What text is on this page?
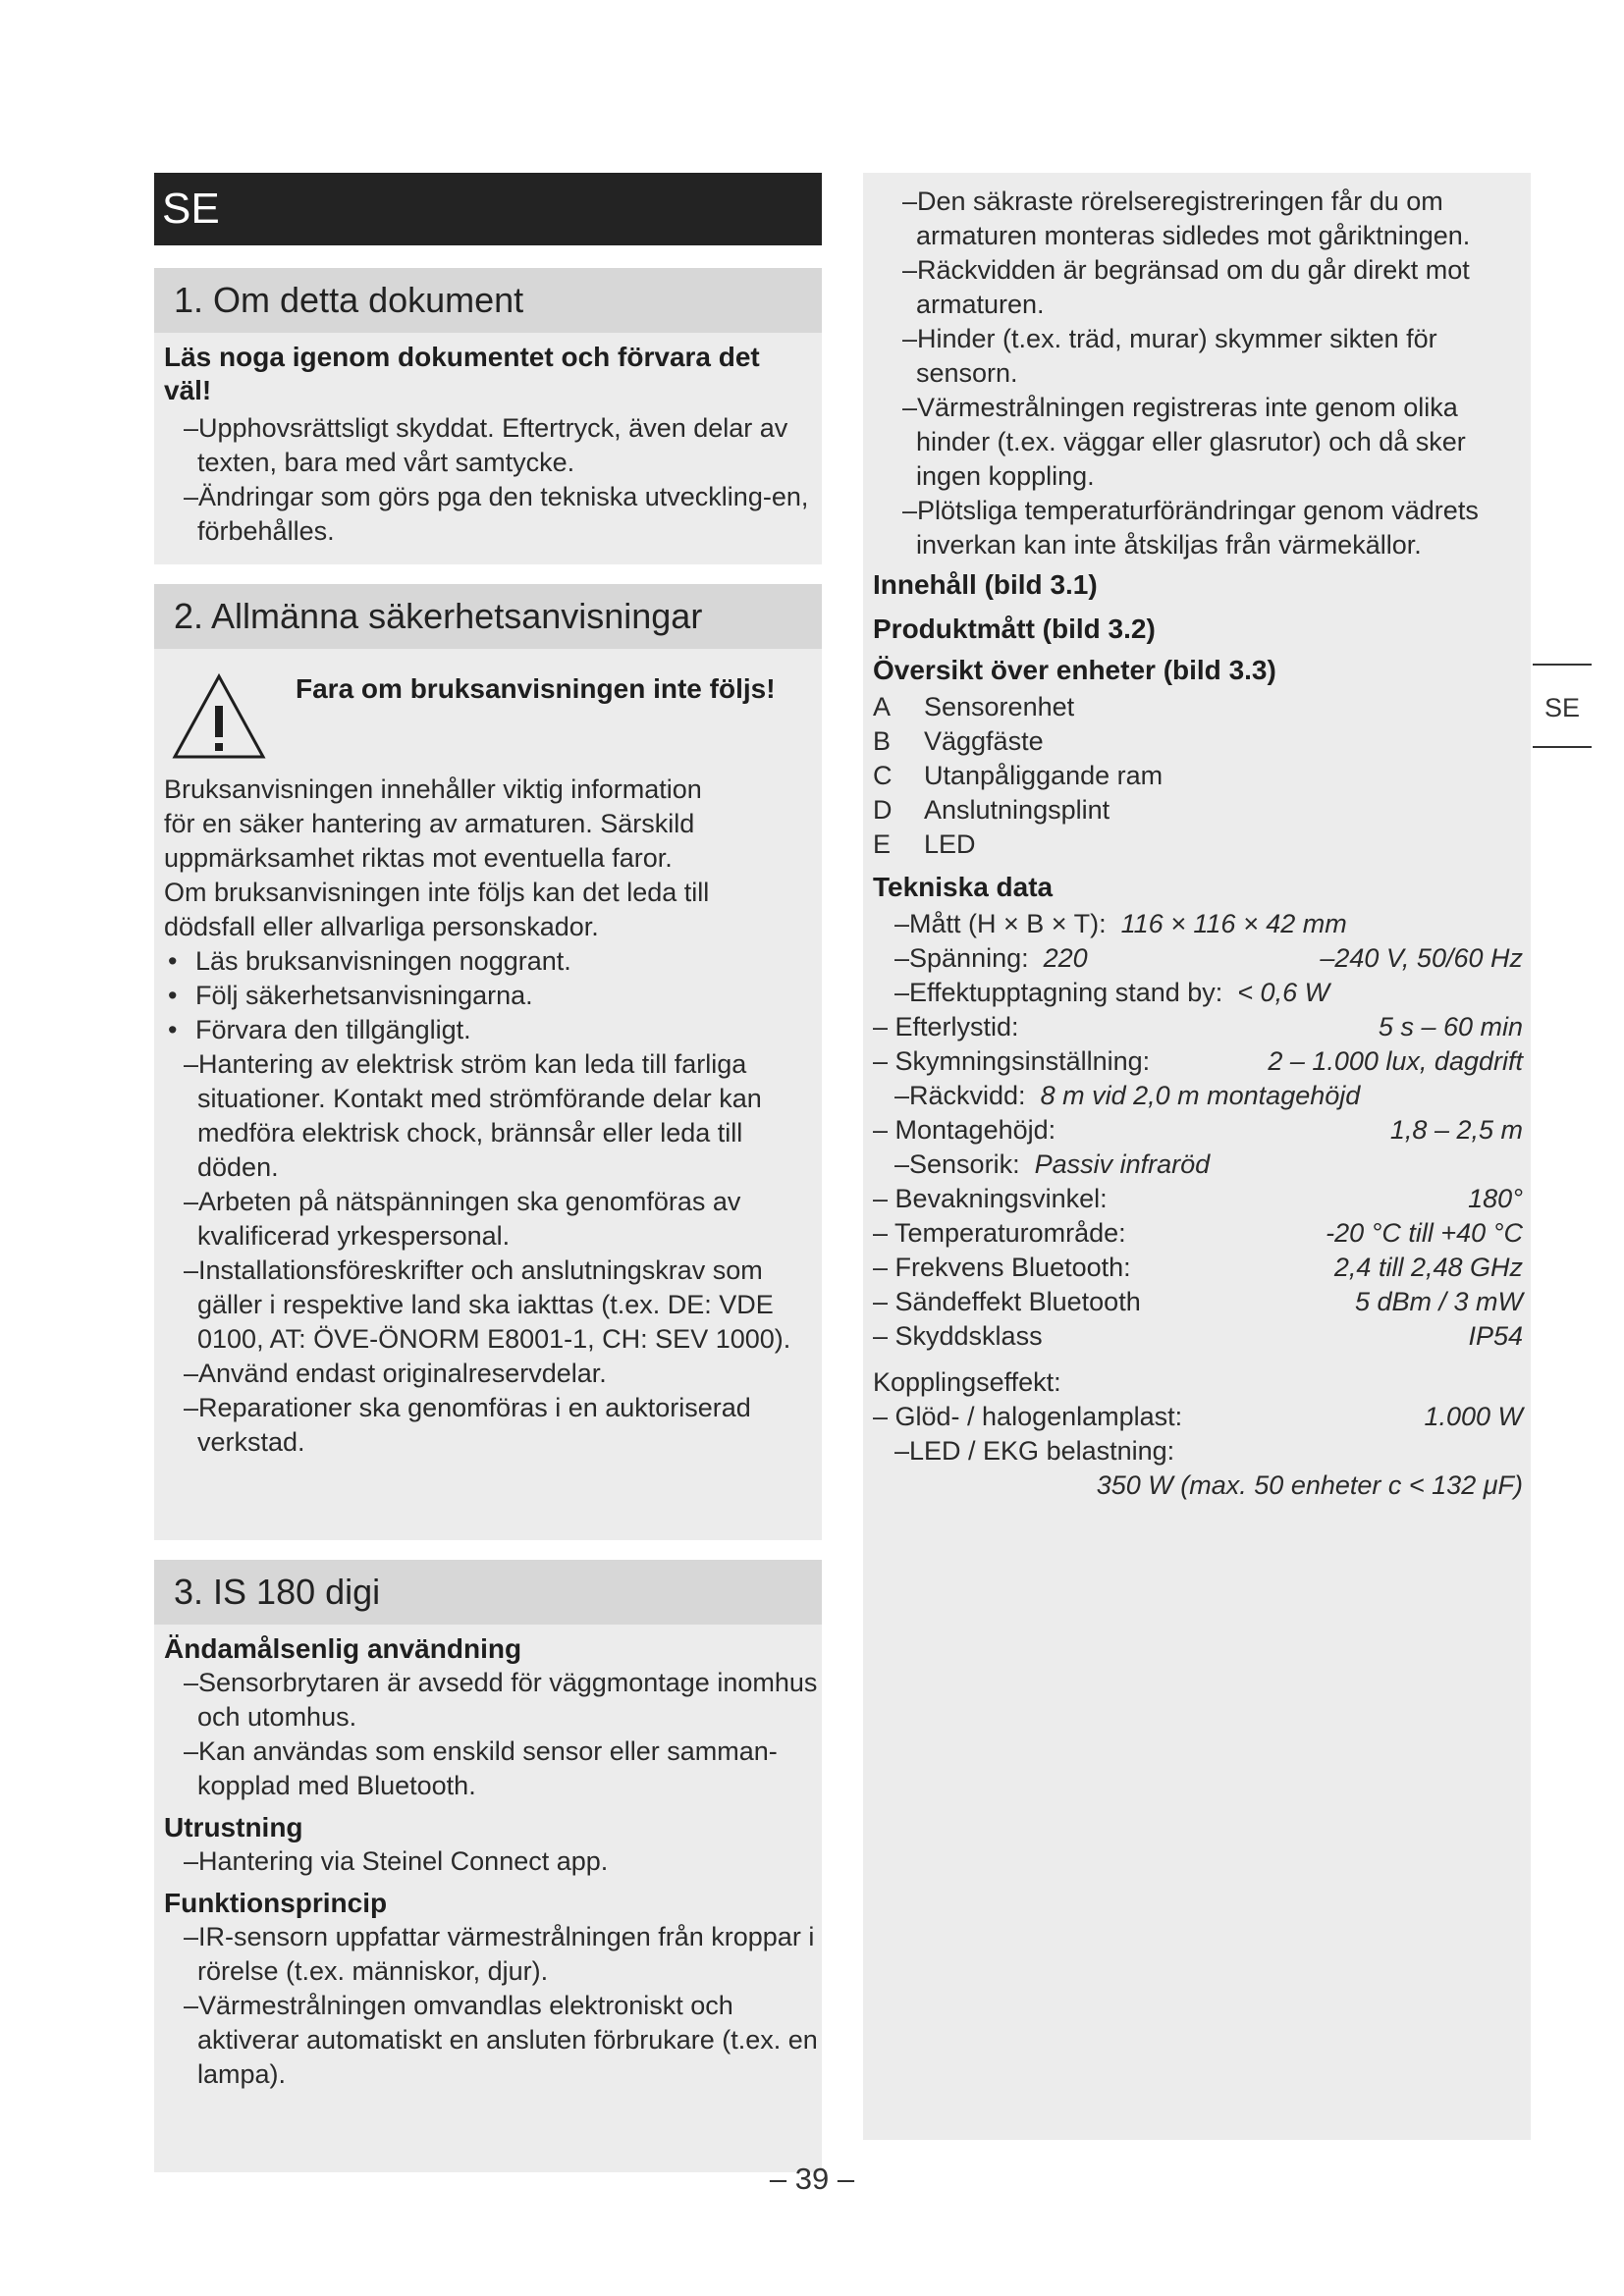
SE
1. Om detta dokument
Läs noga igenom dokumentet och förvara det väl!
–Upphovsrättsligt skyddat. Eftertryck, även delar av texten, bara med vårt samtycke.
–Ändringar som görs pga den tekniska utveckling-en, förbehålles.
2. Allmänna säkerhetsanvisningar
Fara om bruksanvisningen inte följs!
Bruksanvisningen innehåller viktig information
för en säker hantering av armaturen. Särskild
uppmärksamhet riktas mot eventuella faror.
Om bruksanvisningen inte följs kan det leda till
dödsfall eller allvarliga personskador.
• Läs bruksanvisningen noggrant.
• Följ säkerhetsanvisningarna.
• Förvara den tillgängligt.
–Hantering av elektrisk ström kan leda till farliga situationer. Kontakt med strömförande delar kan medföra elektrisk chock, brännsår eller leda till döden.
–Arbeten på nätspänningen ska genomföras av kvalificerad yrkespersonal.
–Installationsföreskrifter och anslutningskrav som gäller i respektive land ska iakttas (t.ex. DE: VDE 0100, AT: ÖVE-ÖNORM E8001-1, CH: SEV 1000).
–Använd endast originalreservdelar.
–Reparationer ska genomföras i en auktoriserad verkstad.
3. IS 180 digi
Ändamålsenlig användning
–Sensorbrytaren är avsedd för väggmontage inomhus och utomhus.
–Kan användas som enskild sensor eller samman-kopplad med Bluetooth.
Utrustning
–Hantering via Steinel Connect app.
Funktionsprincip
–IR-sensorn uppfattar värmestrålningen från kroppar i rörelse (t.ex. människor, djur).
–Värmestrålningen omvandlas elektroniskt och aktiverar automatiskt en ansluten förbrukare (t.ex. en lampa).
–Den säkraste rörelseregistreringen får du om armaturen monteras sidledes mot gåriktningen.
–Räckvidden är begränsad om du går direkt mot armaturen.
–Hinder (t.ex. träd, murar) skymmer sikten för sensorn.
–Värmestrålningen registreras inte genom olika hinder (t.ex. väggar eller glasrutor) och då sker ingen koppling.
–Plötsliga temperaturförändringar genom vädrets inverkan kan inte åtskiljas från värmekällor.
Innehåll (bild 3.1)
Produktmått (bild 3.2)
Översikt över enheter (bild 3.3)
A	Sensorenhet
B	Väggfäste
C	Utanpåliggande ram
D	Anslutningsplint
E	LED
Tekniska data
–Mått (H × B × T):
116 × 116 × 42 mm
–Spänning: 220	–240 V, 50/60 Hz
–Effektupptagning stand by:
< 0,6 W
– Efterlystid:	5 s – 60 min
– Skymningsinställning:	2 – 1.000 lux, dagdrift
–Räckvidd:
8 m vid 2,0 m montagehöjd
– Montagehöjd:	1,8 – 2,5 m
–Sensorik:
Passiv infraröd
– Bevakningsvinkel:	180°
– Temperaturområde:	-20 °C till +40 °C
– Frekvens Bluetooth:	2,4 till 2,48 GHz
– Sändeffekt Bluetooth	5 dBm / 3 mW
– Skyddsklass	IP54
Kopplingseffekt:
– Glöd- / halogenlamplast:	1.000 W
–LED / EKG belastning:
350 W (max. 50 enheter c < 132 μF)
SE
– 39 –
